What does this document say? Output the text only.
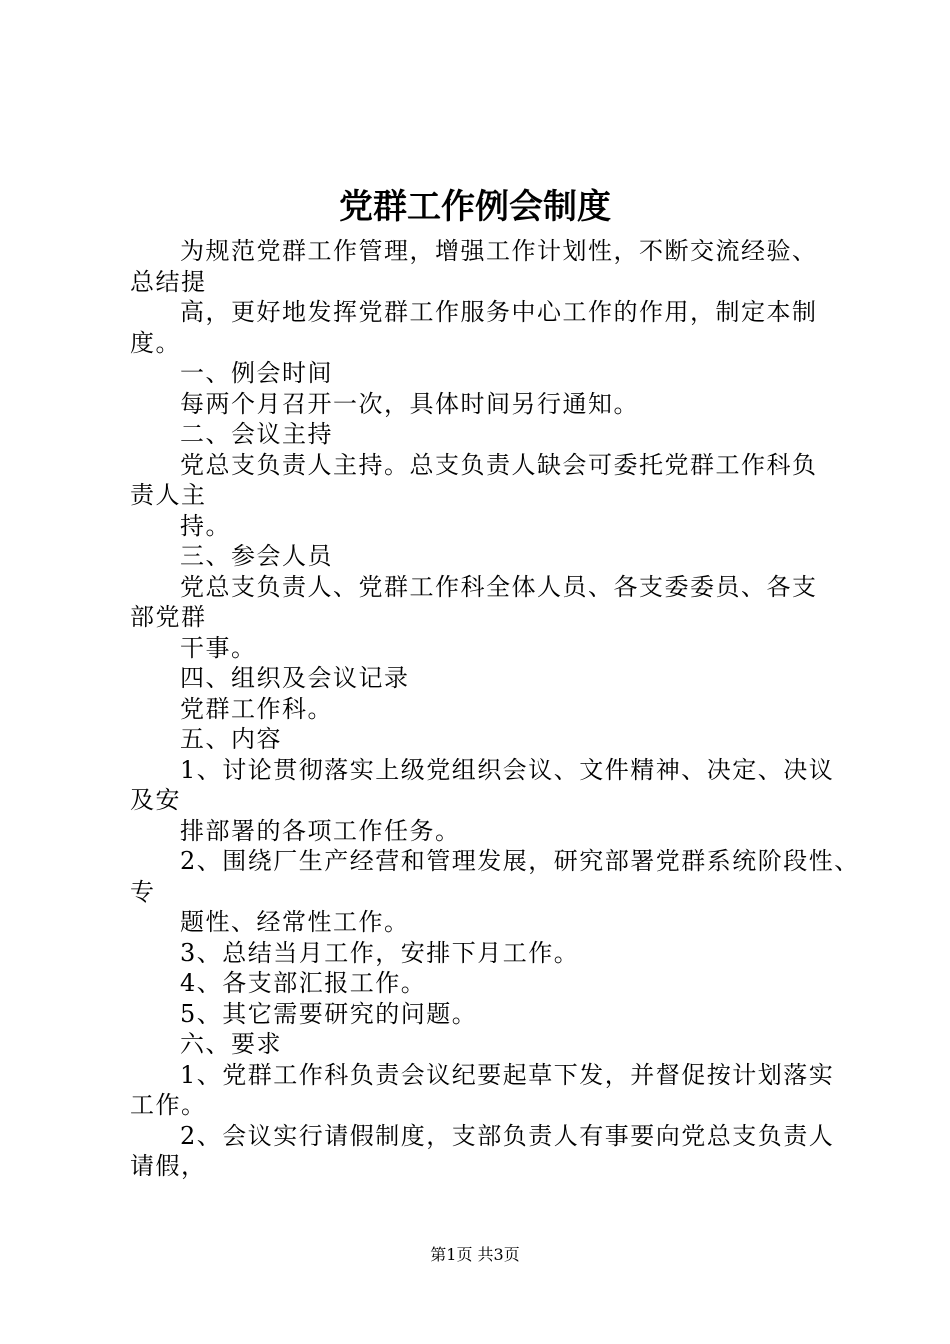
党群工作例会制度
为规范党群工作管理，增强工作计划性，不断交流经验、
总结提
高，更好地发挥党群工作服务中心工作的作用，制定本制
度。
一、例会时间
每两个月召开一次，具体时间另行通知。
二、会议主持
党总支负责人主持。总支负责人缺会可委托党群工作科负
责人主
持。
三、参会人员
党总支负责人、党群工作科全体人员、各支委委员、各支
部党群
干事。
四、组织及会议记录
党群工作科。
五、内容
1、讨论贯彻落实上级党组织会议、文件精神、决定、决议
及安
排部署的各项工作任务。
2、围绕厂生产经营和管理发展，研究部署党群系统阶段性、
专
题性、经常性工作。
3、总结当月工作，安排下月工作。
4、各支部汇报工作。
5、其它需要研究的问题。
六、要求
1、党群工作科负责会议纪要起草下发，并督促按计划落实
工作。
2、会议实行请假制度，支部负责人有事要向党总支负责人
请假，
第1页 共3页
